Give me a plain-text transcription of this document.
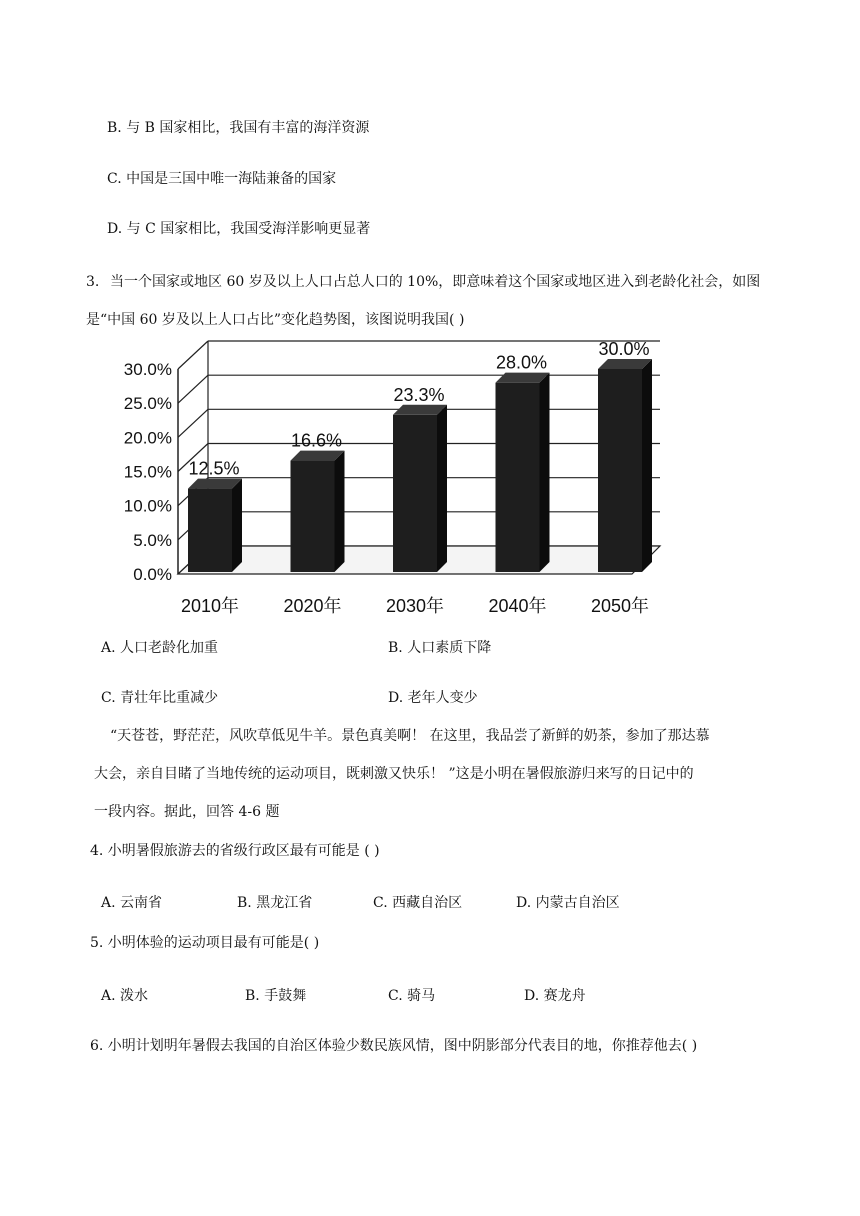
B. 与 B 国家相比，我国有丰富的海洋资源
C. 中国是三国中唯一海陆兼备的国家
D. 与 C 国家相比，我国受海洋影响更显著
3. 当一个国家或地区 60 岁及以上人口占总人口的 10%，即意味着这个国家或地区进入到老龄化社会，如图
是“中国 60 岁及以上人口占比”变化趋势图，该图说明我国( )
0.0%
5.0%
10.0%
15.0%
20.0%
25.0%
30.0%
2010年 2020年 2030年 2040年 2050年
12.5%
16.6%
23.3%
28.0%
30.0%
A. 人口老龄化加重	B. 人口素质下降
C. 青壮年比重减少	D. 老年人变少
“天苍苍，野茫茫，风吹草低见牛羊。景色真美啊！ 在这里，我品尝了新鲜的奶茶，参加了那达慕
大会，亲自目睹了当地传统的运动项目，既刺激又快乐！ ”这是小明在暑假旅游归来写的日记中的
一段内容。据此，回答 4-6 题
4. 小明暑假旅游去的省级行政区最有可能是 ( )
A. 云南省	B. 黑龙江省	C. 西藏自治区	D. 内蒙古自治区
5. 小明体验的运动项目最有可能是( )
A. 泼水	B. 手鼓舞	C. 骑马	D. 赛龙舟
6. 小明计划明年暑假去我国的自治区体验少数民族风情，图中阴影部分代表目的地，你推荐他去( )
